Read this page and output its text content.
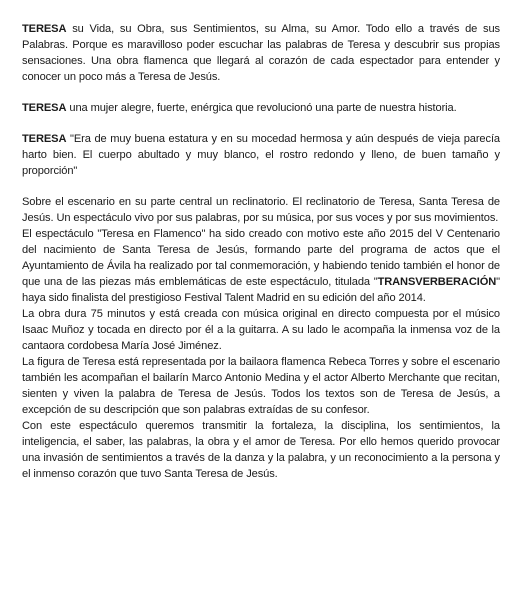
TERESA su Vida, su Obra, sus Sentimientos, su Alma, su Amor. Todo ello a través de sus Palabras. Porque es maravilloso poder escuchar las palabras de Teresa y descubrir sus propias sensaciones. Una obra flamenca que llegará al corazón de cada espectador para entender y conocer un poco más a Teresa de Jesús.

TERESA una mujer alegre, fuerte, enérgica que revolucionó una parte de nuestra historia.

TERESA "Era de muy buena estatura y en su mocedad hermosa y aún después de vieja parecía harto bien. El cuerpo abultado y muy blanco, el rostro redondo y lleno, de buen tamaño y proporción"

Sobre el escenario en su parte central un reclinatorio. El reclinatorio de Teresa, Santa Teresa de Jesús. Un espectáculo vivo por sus palabras, por su música, por sus voces y por sus movimientos.

El espectáculo "Teresa en Flamenco" ha sido creado con motivo este año 2015 del V Centenario del nacimiento de Santa Teresa de Jesús, formando parte del programa de actos que el Ayuntamiento de Ávila ha realizado por tal conmemoración, y habiendo tenido también el honor de que una de las piezas más emblemáticas de este espectáculo, titulada "TRANSVERBERACIÓN" haya sido finalista del prestigioso Festival Talent Madrid en su edición del año 2014.

La obra dura 75 minutos y está creada con música original en directo compuesta por el músico Isaac Muñoz y tocada en directo por él a la guitarra. A su lado le acompaña la inmensa voz de la cantaora cordobesa María José Jiménez.

La figura de Teresa está representada por la bailaora flamenca Rebeca Torres y sobre el escenario también les acompañan el bailarín Marco Antonio Medina y el actor Alberto Merchante que recitan, sienten y viven la palabra de Teresa de Jesús. Todos los textos son de Teresa de Jesús, a excepción de su descripción que son palabras extraídas de su confesor.

Con este espectáculo queremos transmitir la fortaleza, la disciplina, los sentimientos, la inteligencia, el saber, las palabras, la obra y el amor de Teresa. Por ello hemos querido provocar una invasión de sentimientos a través de la danza y la palabra, y un reconocimiento a la persona y el inmenso corazón que tuvo Santa Teresa de Jesús.
